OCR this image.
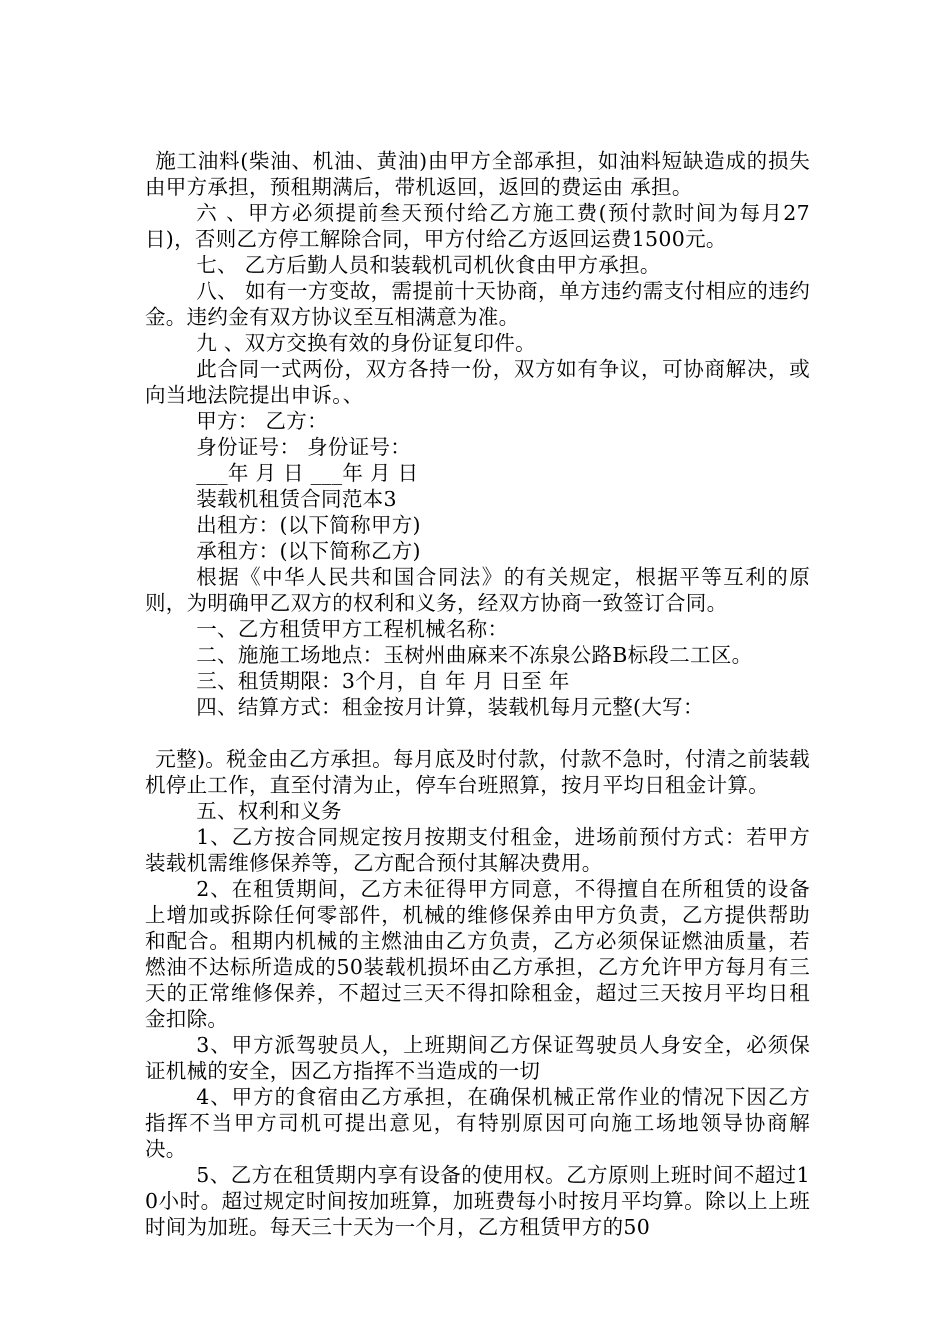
施工油料(柴油、机油、黄油)由甲方全部承担，如油料短缺造成的损失由甲方承担，预租期满后，带机返回，返回的费运由 承担。

六 、甲方必须提前叁天预付给乙方施工费(预付款时间为每月27日)，否则乙方停工解除合同，甲方付给乙方返回运费1500元。

七、 乙方后勤人员和装载机司机伙食由甲方承担。

八、 如有一方变故，需提前十天协商，单方违约需支付相应的违约金。违约金有双方协议至互相满意为准。

九 、双方交换有效的身份证复印件。

此合同一式两份，双方各持一份，双方如有争议，可协商解决，或向当地法院提出申诉。、

甲方： 乙方：

身份证号： 身份证号：

___年 月 日 ___年 月 日

装载机租赁合同范本3

出租方：(以下简称甲方)

承租方：(以下简称乙方)

根据《中华人民共和国合同法》的有关规定，根据平等互利的原则，为明确甲乙双方的权利和义务，经双方协商一致签订合同。

一、乙方租赁甲方工程机械名称：

二、施施工场地点：玉树州曲麻来不冻泉公路B标段二工区。

三、租赁期限：3个月，自 年 月 日至 年

四、结算方式：租金按月计算，装载机每月元整(大写：

元整)。税金由乙方承担。每月底及时付款，付款不急时，付清之前装载机停止工作，直至付清为止，停车台班照算，按月平均日租金计算。

五、权利和义务

1、乙方按合同规定按月按期支付租金，进场前预付方式：若甲方装载机需维修保养等，乙方配合预付其解决费用。

2、在租赁期间，乙方未征得甲方同意，不得擅自在所租赁的设备上增加或拆除任何零部件，机械的维修保养由甲方负责，乙方提供帮助和配合。租期内机械的主燃油由乙方负责，乙方必须保证燃油质量，若燃油不达标所造成的50装载机损坏由乙方承担，乙方允许甲方每月有三天的正常维修保养，不超过三天不得扣除租金，超过三天按月平均日租金扣除。

3、甲方派驾驶员人，上班期间乙方保证驾驶员人身安全，必须保证机械的安全，因乙方指挥不当造成的一切

4、甲方的食宿由乙方承担，在确保机械正常作业的情况下因乙方指挥不当甲方司机可提出意见，有特别原因可向施工场地领导协商解决。

5、乙方在租赁期内享有设备的使用权。乙方原则上班时间不超过10小时。超过规定时间按加班算，加班费每小时按月平均算。除以上上班时间为加班。每天三十天为一个月，乙方租赁甲方的50
